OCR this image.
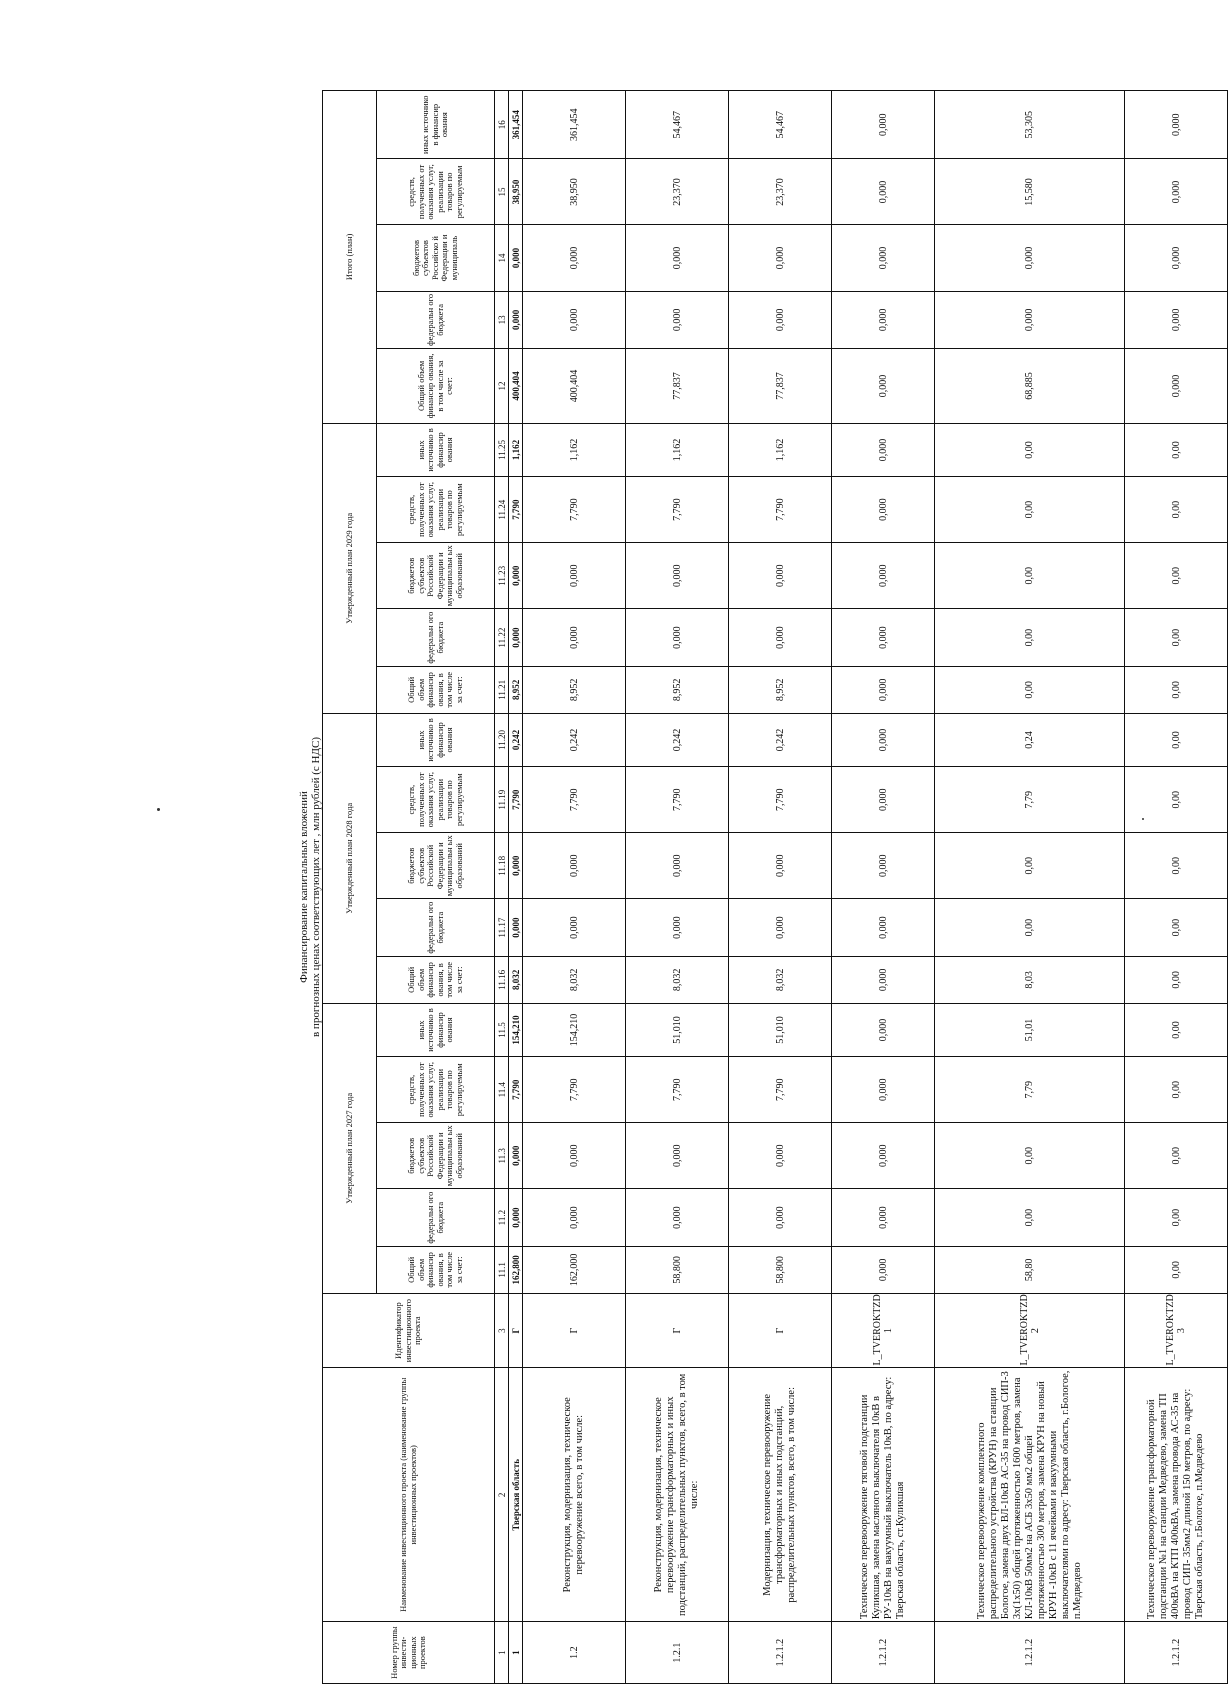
Финансирование капитальных вложений в прогнозных ценах соответствующих лет , млн рублей (с НДС)
Номер группы инвести-ционных проектов	Наименование инвестиционного проекта (наименование группы инвестиционных проектов)	Идентификатор инвестиционного проекта	Утвержденный план 2027 года					Утвержденный план 2028 года					Утвержденный план 2029 года					Итого (план)				
			Общий объем финансир ования, в том числе за счет:	федеральн ого бюджета	бюджетов субъектов Российской Федерации и муниципальн ых образований	средств, полученных от оказания услуг, реализации товаров по регулируемым	иных источнико в финансир ования	Общий объем финансир ования, в том числе за счет:	федеральн ого бюджета	бюджетов субъектов Российской Федерации и муниципальн ых образований	средств, полученных от оказания услуг, реализации товаров по регулируемым	иных источнико в финансир ования	Общий объем финансир ования, в том числе за счет:	федеральн ого бюджета	бюджетов субъектов Российской Федерации и муниципальн ых образований	средств, полученных от оказания услуг, реализации товаров по регулируемым	иных источнико в финансир ования	Общий объем финансир ования, в том числе за счет:	федеральн ого бюджета	бюджетов субъектов Российско й Федерации и муниципаль	средств, полученных от оказания услуг, реализации товаров по регулируемым	иных источнико в финансир ования
1	2	3	11.1	11.2	11.3	11.4	11.5	11.16	11.17	11.18	11.19	11.20	11.21	11.22	11.23	11.24	11.25	12	13	14	15	16
1	Тверская область	Г	162,800	0,000	0,000	7,790	154,210	8,032	0,000	0,000	7,790	0,242	8,952	0,000	0,000	7,790	1,162	400,404	0,000	0,000	38,950	361,454
1.2	Реконструкция, модернизация, техническое перевооружение всего, в том числе:	Г	162,000	0,000	0,000	7,790	154,210	8,032	0,000	0,000	7,790	0,242	8,952	0,000	0,000	7,790	1,162	400,404	0,000	0,000	38,950	361,454
1.2.1	Реконструкция, модернизация, техническое перевооружение трансформаторных и иных подстанций, распределительных пунктов, всего, в том числе:	Г	58,800	0,000	0,000	7,790	51,010	8,032	0,000	0,000	7,790	0,242	8,952	0,000	0,000	7,790	1,162	77,837	0,000	0,000	23,370	54,467
1.2.1.2	Модернизация, техническое перевооружение трансформаторных и иных подстанций, распределительных пунктов, всего, в том числе:	Г	58,800	0,000	0,000	7,790	51,010	8,032	0,000	0,000	7,790	0,242	8,952	0,000	0,000	7,790	1,162	77,837	0,000	0,000	23,370	54,467
1.2.1.2	Техническое перевооружение тяговой подстанции Куликшая, замена масляного выключателя 10кВ в РУ-10кВ на вакуумный выключатель 10кВ, по адресу: Тверская область, ст.Куликшая	L_TVEROKTZD 1	0,000	0,000	0,000	0,000	0,000	0,000	0,000	0,000	0,000	0,000	0,000	0,000	0,000	0,000	0,000	0,000	0,000	0,000	0,000	0,000
1.2.1.2	Техническое перевооружение комплектного распределительного устройства (КРУН) на станции Бологое, замена двух ВЛ-10кВ АС-35 на провод СИП-3 3х(1х50) общей протяженностью 1600 метров, замена КЛ-10кВ 50мм2 на АСБ 3х50 мм2 общей протяженностью 300 метров, замена КРУН на новый КРУН -10кВ с 11 ячейками и вакуумными выключателями по адресу: Тверская область, г.Бологое, п.Медведево	L_TVEROKTZD 2	58,80	0,00	0,00	7,79	51,01	8,03	0,00	0,00	7,79	0,24	0,00	0,00	0,00	0,00	0,00	68,885	0,000	0,000	15,580	53,305
1.2.1.2	Техническое перевооружение трансформаторной подстанции №1 на станции Медведево, замена ТП 400кВА на КТП 400кВА, замена провода АС-35 на провод СИП- 35мм2 длиной 150 метров, по адресу: Тверская область, г.Бологое, п.Медведево	L_TVEROKTZD 3	0,00	0,00	0,00	0,00	0,00	0,00	0,00	0,00	0,00	0,00	0,00	0,00	0,00	0,00	0,00	0,000	0,000	0,000	0,000	0,000
